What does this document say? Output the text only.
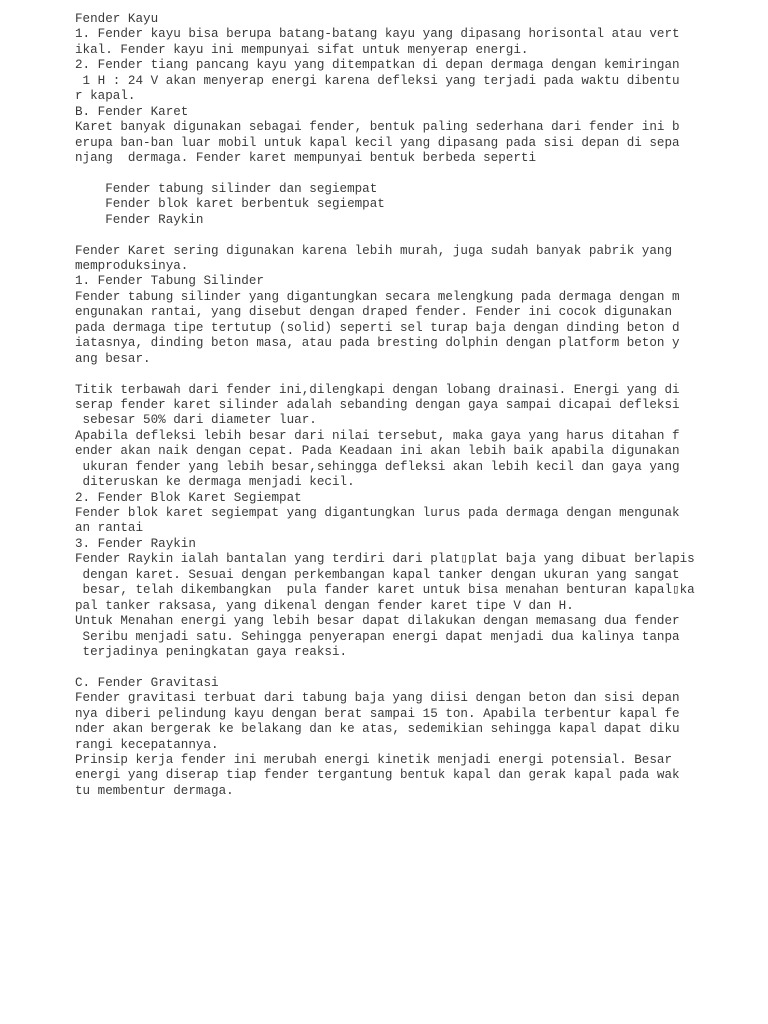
Fender Kayu
1. Fender kayu bisa berupa batang-batang kayu yang dipasang horisontal atau vert
ikal. Fender kayu ini mempunyai sifat untuk menyerap energi.
2. Fender tiang pancang kayu yang ditempatkan di depan dermaga dengan kemiringan
1 H : 24 V akan menyerap energi karena defleksi yang terjadi pada waktu dibentu
r kapal.
B. Fender Karet
Karet banyak digunakan sebagai fender, bentuk paling sederhana dari fender ini b
erupa ban-ban luar mobil untuk kapal kecil yang dipasang pada sisi depan di sepa
njang  dermaga. Fender karet mempunyai bentuk berbeda seperti
Fender tabung silinder dan segiempat
Fender blok karet berbentuk segiempat
Fender Raykin
Fender Karet sering digunakan karena lebih murah, juga sudah banyak pabrik yang
memproduksinya.
1. Fender Tabung Silinder
Fender tabung silinder yang digantungkan secara melengkung pada dermaga dengan m
engunakan rantai, yang disebut dengan draped fender. Fender ini cocok digunakan
pada dermaga tipe tertutup (solid) seperti sel turap baja dengan dinding beton d
iatasnya, dinding beton masa, atau pada bresting dolphin dengan platform beton y
ang besar.
Titik terbawah dari fender ini,dilengkapi dengan lobang drainasi. Energi yang di
serap fender karet silinder adalah sebanding dengan gaya sampai dicapai defleksi
sebesar 50% dari diameter luar.
Apabila defleksi lebih besar dari nilai tersebut, maka gaya yang harus ditahan f
ender akan naik dengan cepat. Pada Keadaan ini akan lebih baik apabila digunakan
ukuran fender yang lebih besar,sehingga defleksi akan lebih kecil dan gaya yang
diteruskan ke dermaga menjadi kecil.
2. Fender Blok Karet Segiempat
Fender blok karet segiempat yang digantungkan lurus pada dermaga dengan mengunak
an rantai
3. Fender Raykin
Fender Raykin ialah bantalan yang terdiri dari plat▯plat baja yang dibuat berlapis
dengan karet. Sesuai dengan perkembangan kapal tanker dengan ukuran yang sangat
besar, telah dikembangkan  pula fander karet untuk bisa menahan benturan kapal▯ka
pal tanker raksasa, yang dikenal dengan fender karet tipe V dan H.
Untuk Menahan energi yang lebih besar dapat dilakukan dengan memasang dua fender
Seribu menjadi satu. Sehingga penyerapan energi dapat menjadi dua kalinya tanpa
terjadinya peningkatan gaya reaksi.
C. Fender Gravitasi
Fender gravitasi terbuat dari tabung baja yang diisi dengan beton dan sisi depan
nya diberi pelindung kayu dengan berat sampai 15 ton. Apabila terbentur kapal fe
nder akan bergerak ke belakang dan ke atas, sedemikian sehingga kapal dapat diku
rangi kecepatannya.
Prinsip kerja fender ini merubah energi kinetik menjadi energi potensial. Besar
energi yang diserap tiap fender tergantung bentuk kapal dan gerak kapal pada wak
tu membentur dermaga.
